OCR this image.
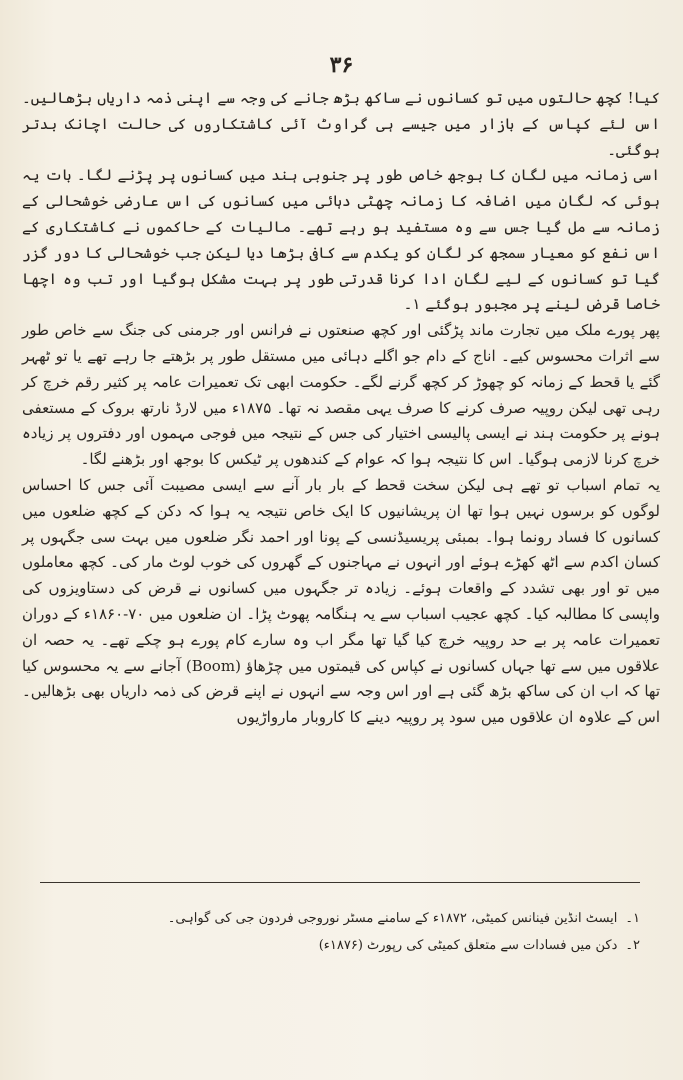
۳۶

کیا! کچھ حالتوں میں تو کسانوں نے ساکھ بڑھ جانے کی وجہ سے اپنی ذمہ داریاں بڑھالیں۔ اس لئے کپاس کے بازار میں جیسے ہی گراوٹ آئی کاشتکاروں کی حالت اچانک بدتر ہوگئی۔

اسی زمانہ میں لگان کا بوجھ خاص طور پر جنوبی ہند میں کسانوں پر پڑنے لگا۔ بات یہ ہوئی کہ لگان میں اضافہ کا زمانہ چھٹی دہائی میں کسانوں کی اس عارضی خوشحالی کے زمانہ سے مل گیا جس سے وہ مستفید ہو رہے تھے۔ مالیات کے حاکموں نے کاشتکاری کے اس نفع کو معیار سمجھ کر لگان کو یکدم سے کافی بڑھا دیا لیکن جب خوشحالی کا دور گزر گیا تو کسانوں کے لیے لگان ادا کرنا قدرتی طور پر بہت مشکل ہوگیا اور تب وہ اچھا خاصا قرض لینے پر مجبور ہوگئے ۱۔

پھر پورے ملک میں تجارت ماند پڑگئی اور کچھ صنعتوں نے فرانس اور جرمنی کی جنگ سے خاص طور سے اثرات محسوس کیے۔ اناج کے دام جو اگلے دہائی میں مستقل طور پر بڑھتے جا رہے تھے یا تو ٹھہر گئے یا قحط کے زمانہ کو چھوڑ کر کچھ گرنے لگے۔ حکومت ابھی تک تعمیرات عامہ پر کثیر رقم خرچ کر رہی تھی لیکن روپیہ صرف کرنے کا صرف یہی مقصد نہ تھا۔ ۱۸۷۵ء میں لارڈ نارتھ بروک کے مستعفی ہونے پر حکومت ہند نے ایسی پالیسی اختیار کی جس کے نتیجہ میں فوجی مہموں اور دفتروں پر زیادہ خرچ کرنا لازمی ہوگیا۔ اس کا نتیجہ ہوا کہ عوام کے کندھوں پر ٹیکس کا بوجھ اور بڑھنے لگا۔

یہ تمام اسباب تو تھے ہی لیکن سخت قحط کے بار بار آنے سے ایسی مصیبت آئی جس کا احساس لوگوں کو برسوں نہیں ہوا تھا ان پریشانیوں کا ایک خاص نتیجہ یہ ہوا کہ دکن کے کچھ ضلعوں میں کسانوں کا فساد رونما ہوا۔ بمبئی پریسیڈنسی کے پونا اور احمد نگر ضلعوں میں بہت سی جگہوں پر کسان اکدم سے اٹھ کھڑے ہوئے اور انہوں نے مہاجنوں کے گھروں کی خوب لوٹ مار کی۔ کچھ معاملوں میں تو اور بھی تشدد کے واقعات ہوئے۔ زیادہ تر جگہوں میں کسانوں نے قرض کی دستاویزوں کی واپسی کا مطالبہ کیا۔ کچھ عجیب اسباب سے یہ ہنگامہ پھوٹ پڑا۔ ان ضلعوں میں ۷۰-۱۸۶۰ء کے دوران تعمیرات عامہ پر بے حد روپیہ خرچ کیا گیا تھا مگر اب وہ سارے کام پورے ہو چکے تھے۔ یہ حصہ ان علاقوں میں سے تھا جہاں کسانوں نے کپاس کی قیمتوں میں چڑھاؤ (Boom) آجانے سے یہ محسوس کیا تھا کہ اب ان کی ساکھ بڑھ گئی ہے اور اس وجہ سے انہوں نے اپنے قرض کی ذمہ داریاں بھی بڑھالیں۔ اس کے علاوہ ان علاقوں میں سود پر روپیہ دینے کا کاروبار مارواڑیوں

۱۔ایسٹ انڈین فینانس کمیٹی، ۱۸۷۲ء کے سامنے مسٹر نوروجی فردون جی کی گواہی۔

۲۔دکن میں فسادات سے متعلق کمیٹی کی رپورٹ (۱۸۷۶ء)
